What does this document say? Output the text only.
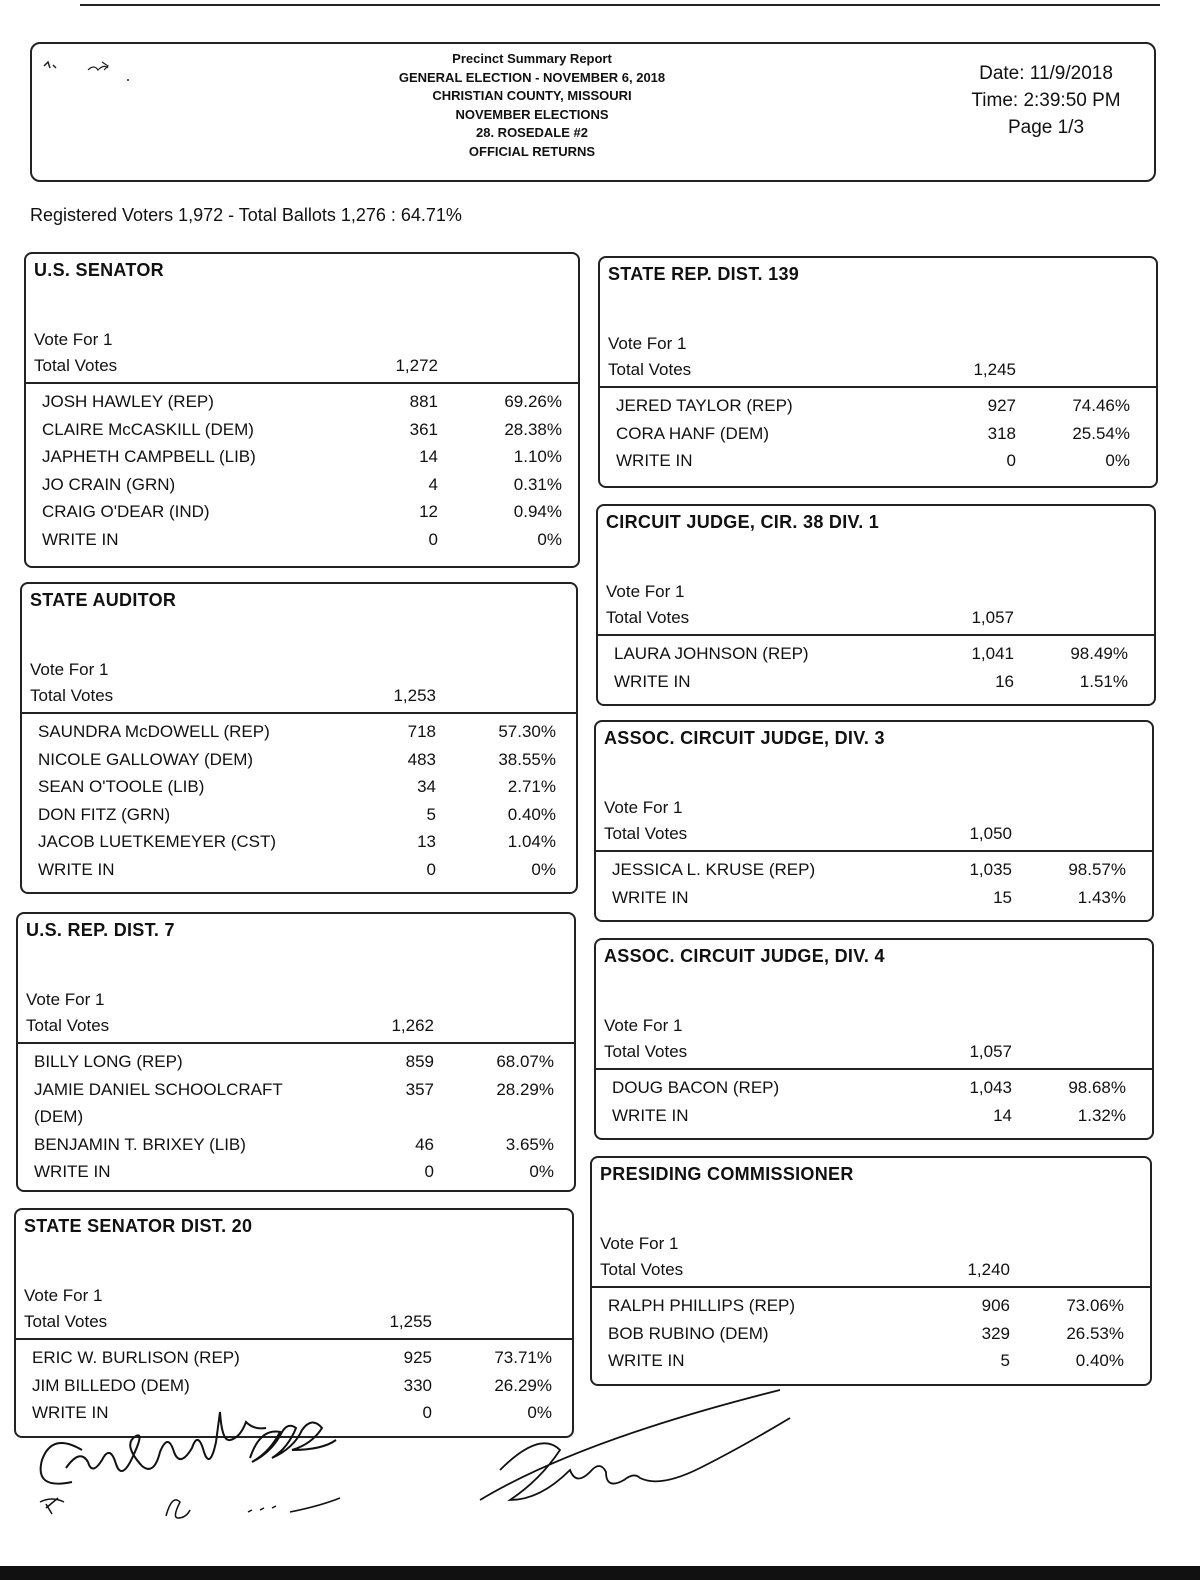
Precinct Summary Report
GENERAL ELECTION - NOVEMBER 6, 2018
CHRISTIAN COUNTY, MISSOURI
NOVEMBER ELECTIONS
28. ROSEDALE #2
OFFICIAL RETURNS
Date: 11/9/2018
Time: 2:39:50 PM
Page 1/3
Registered Voters 1,972 - Total Ballots 1,276 : 64.71%
U.S. SENATOR
Vote For 1
Total Votes	1,272
JOSH HAWLEY (REP)	881	69.26%
CLAIRE McCASKILL (DEM)	361	28.38%
JAPHETH CAMPBELL (LIB)	14	1.10%
JO CRAIN (GRN)	4	0.31%
CRAIG O'DEAR (IND)	12	0.94%
WRITE IN	0	0%
STATE AUDITOR
Vote For 1
Total Votes	1,253
SAUNDRA McDOWELL (REP)	718	57.30%
NICOLE GALLOWAY (DEM)	483	38.55%
SEAN O'TOOLE (LIB)	34	2.71%
DON FITZ (GRN)	5	0.40%
JACOB LUETKEMEYER (CST)	13	1.04%
WRITE IN	0	0%
U.S. REP. DIST. 7
Vote For 1
Total Votes	1,262
BILLY LONG (REP)	859	68.07%
JAMIE DANIEL SCHOOLCRAFT
(DEM)
357	28.29%
BENJAMIN T. BRIXEY (LIB)	46	3.65%
WRITE IN	0	0%
STATE SENATOR DIST. 20
Vote For 1
Total Votes	1,255
ERIC W. BURLISON (REP)	925	73.71%
JIM BILLEDO (DEM)	330	26.29%
WRITE IN	0	0%
STATE REP. DIST. 139
Vote For 1
Total Votes	1,245
JERED TAYLOR (REP)	927	74.46%
CORA HANF (DEM)	318	25.54%
WRITE IN	0	0%
CIRCUIT JUDGE, CIR. 38 DIV. 1
Vote For 1
Total Votes	1,057
LAURA JOHNSON (REP)	1,041	98.49%
WRITE IN	16	1.51%
ASSOC. CIRCUIT JUDGE, DIV. 3
Vote For 1
Total Votes	1,050
JESSICA L. KRUSE (REP)	1,035	98.57%
WRITE IN	15	1.43%
ASSOC. CIRCUIT JUDGE, DIV. 4
Vote For 1
Total Votes	1,057
DOUG BACON (REP)	1,043	98.68%
WRITE IN	14	1.32%
PRESIDING COMMISSIONER
Vote For 1
Total Votes	1,240
RALPH PHILLIPS (REP)	906	73.06%
BOB RUBINO (DEM)	329	26.53%
WRITE IN	5	0.40%
